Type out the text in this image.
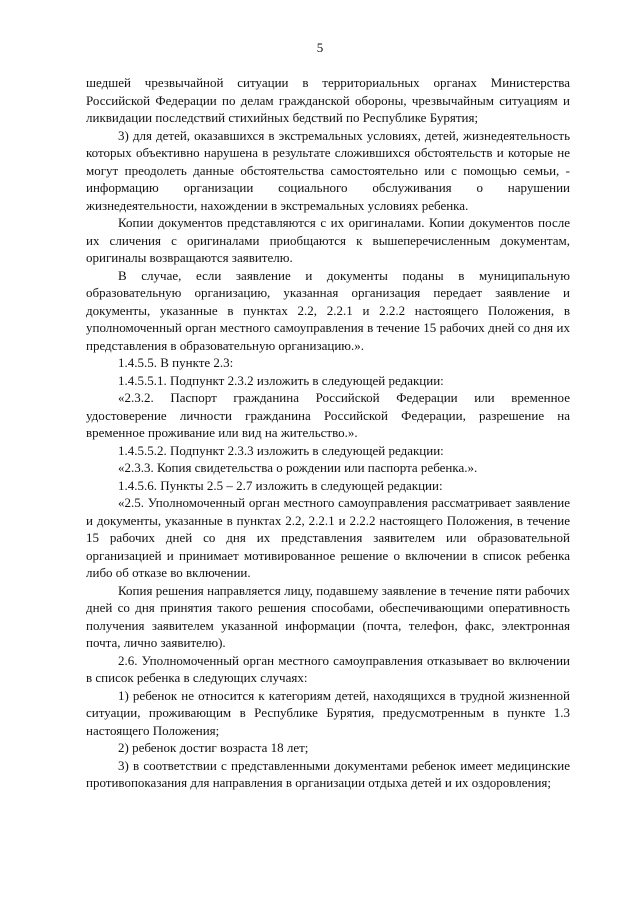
5

шедшей чрезвычайной ситуации в территориальных органах Министерства Российской Федерации по делам гражданской обороны, чрезвычайным ситуациям и ликвидации последствий стихийных бедствий по Республике Бурятия;

3) для детей, оказавшихся в экстремальных условиях, детей, жизнедеятельность которых объективно нарушена в результате сложившихся обстоятельств и которые не могут преодолеть данные обстоятельства самостоятельно или с помощью семьи, - информацию организации социального обслуживания о нарушении жизнедеятельности, нахождении в экстремальных условиях ребенка.

Копии документов представляются с их оригиналами. Копии документов после их сличения с оригиналами приобщаются к вышеперечисленным документам, оригиналы возвращаются заявителю.

В случае, если заявление и документы поданы в муниципальную образовательную организацию, указанная организация передает заявление и документы, указанные в пунктах 2.2, 2.2.1 и 2.2.2 настоящего Положения, в уполномоченный орган местного самоуправления в течение 15 рабочих дней со дня их представления в образовательную организацию.».

1.4.5.5. В пункте 2.3:

1.4.5.5.1. Подпункт 2.3.2 изложить в следующей редакции:

«2.3.2. Паспорт гражданина Российской Федерации или временное удостоверение личности гражданина Российской Федерации, разрешение на временное проживание или вид на жительство.».

1.4.5.5.2. Подпункт 2.3.3 изложить в следующей редакции:

«2.3.3. Копия свидетельства о рождении или паспорта ребенка.».

1.4.5.6. Пункты 2.5 – 2.7 изложить в следующей редакции:

«2.5. Уполномоченный орган местного самоуправления рассматривает заявление и документы, указанные в пунктах 2.2, 2.2.1 и 2.2.2 настоящего Положения, в течение 15 рабочих дней со дня их представления заявителем или образовательной организацией и принимает мотивированное решение о включении в список ребенка либо об отказе во включении.

Копия решения направляется лицу, подавшему заявление в течение пяти рабочих дней со дня принятия такого решения способами, обеспечивающими оперативность получения заявителем указанной информации (почта, телефон, факс, электронная почта, лично заявителю).

2.6. Уполномоченный орган местного самоуправления отказывает во включении в список ребенка в следующих случаях:

1) ребенок не относится к категориям детей, находящихся в трудной жизненной ситуации, проживающим в Республике Бурятия, предусмотренным в пункте 1.3 настоящего Положения;

2) ребенок достиг возраста 18 лет;

3) в соответствии с представленными документами ребенок имеет медицинские противопоказания для направления в организации отдыха детей и их оздоровления;
